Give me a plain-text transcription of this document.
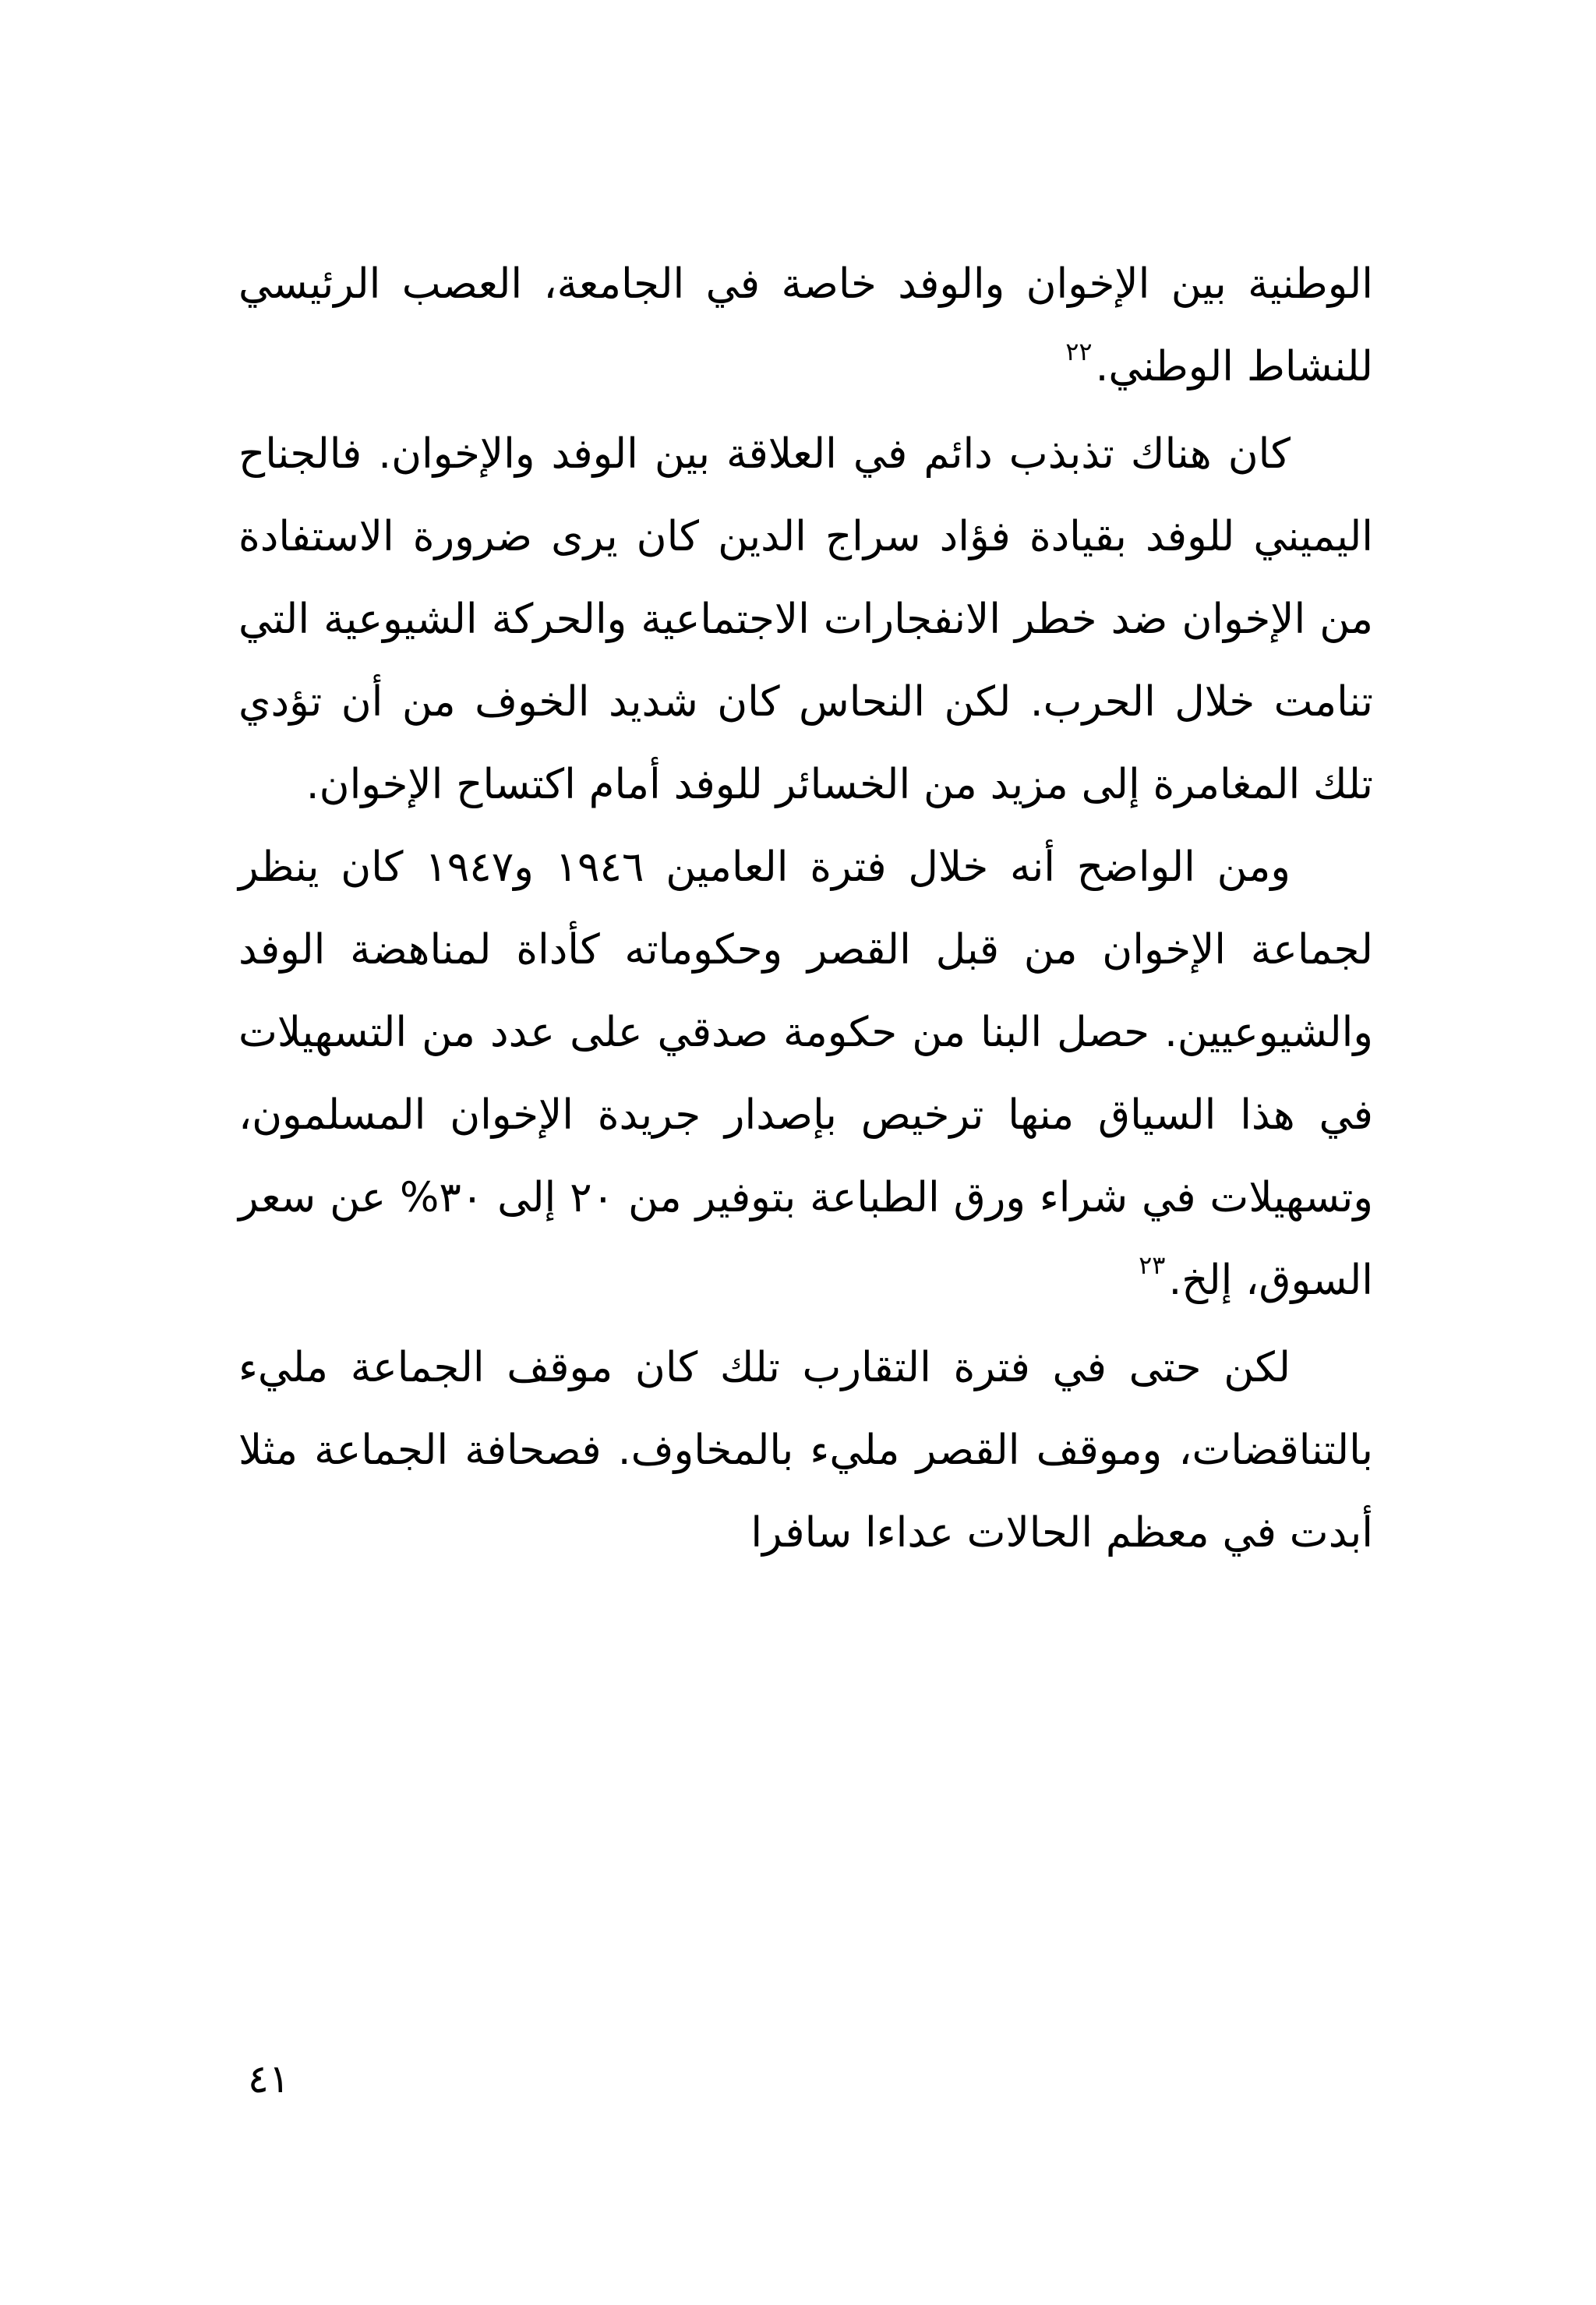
الوطنية بين الإخوان والوفد خاصة في الجامعة، العصب الرئيسي للنشاط الوطني.$^{٢٢}$

كان هناك تذبذب دائم في العلاقة بين الوفد والإخوان. فالجناح اليميني للوفد بقيادة فؤاد سراج الدين كان يرى ضرورة الاستفادة من الإخوان ضد خطر الانفجارات الاجتماعية والحركة الشيوعية التي تنامت خلال الحرب. لكن النحاس كان شديد الخوف من أن تؤدي تلك المغامرة إلى مزيد من الخسائر للوفد أمام اكتساح الإخوان.

ومن الواضح أنه خلال فترة العامين ١٩٤٦ و١٩٤٧ كان ينظر لجماعة الإخوان من قبل القصر وحكوماته كأداة لمناهضة الوفد والشيوعيين. حصل البنا من حكومة صدقي على عدد من التسهيلات في هذا السياق منها ترخيص بإصدار جريدة الإخوان المسلمون، وتسهيلات في شراء ورق الطباعة بتوفير من ٢٠ إلى ٣٠% عن سعر السوق، إلخ.$^{٢٣}$

لكن حتى في فترة التقارب تلك كان موقف الجماعة مليء بالتناقضات، وموقف القصر مليء بالمخاوف. فصحافة الجماعة مثلا أبدت في معظم الحالات عداءا سافرا

٤١
